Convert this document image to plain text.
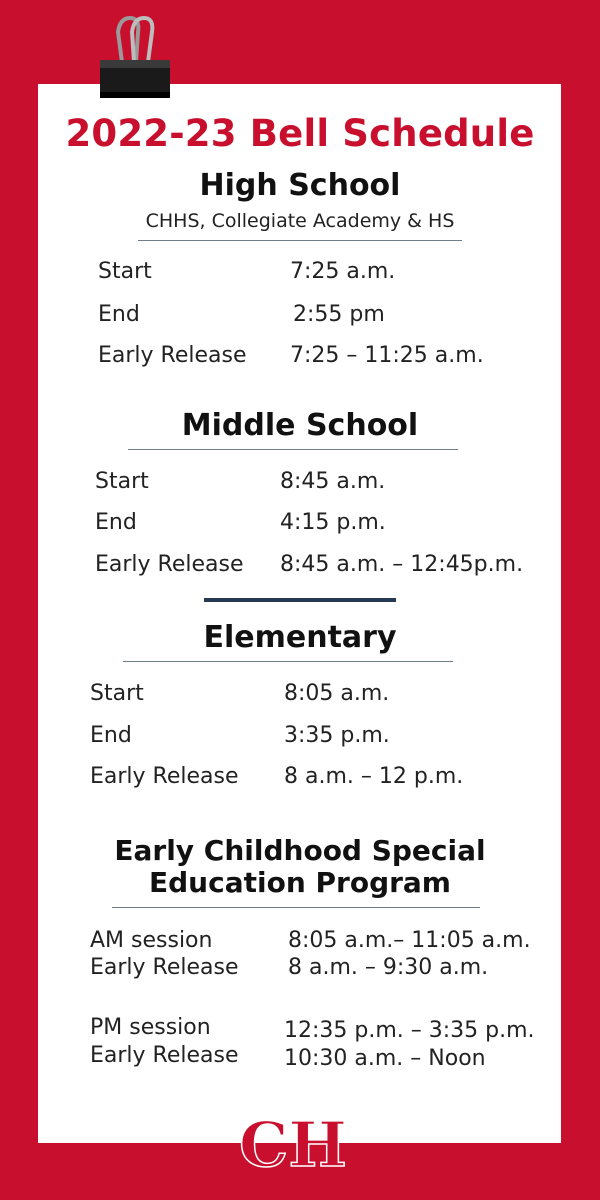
2022-23 Bell Schedule
High School
CHHS, Collegiate Academy & HS
Start	7:25 a.m.
End	2:55 pm
Early Release 7:25 – 11:25 a.m.
Middle School
Start	8:45 a.m.
End	4:15 p.m.
Early Release 8:45 a.m. – 12:45p.m.
Elementary
Start	8:05 a.m.
End	3:35 p.m.
Early Release 8 a.m. – 12 p.m.
Early Childhood Special
Education Program
AM session	8:05 a.m.– 11:05 a.m.
Early Release 8 a.m. – 9:30 a.m.
PM session	12:35 p.m. – 3:35 p.m.
Early Release 10:30 a.m. – Noon
CH
